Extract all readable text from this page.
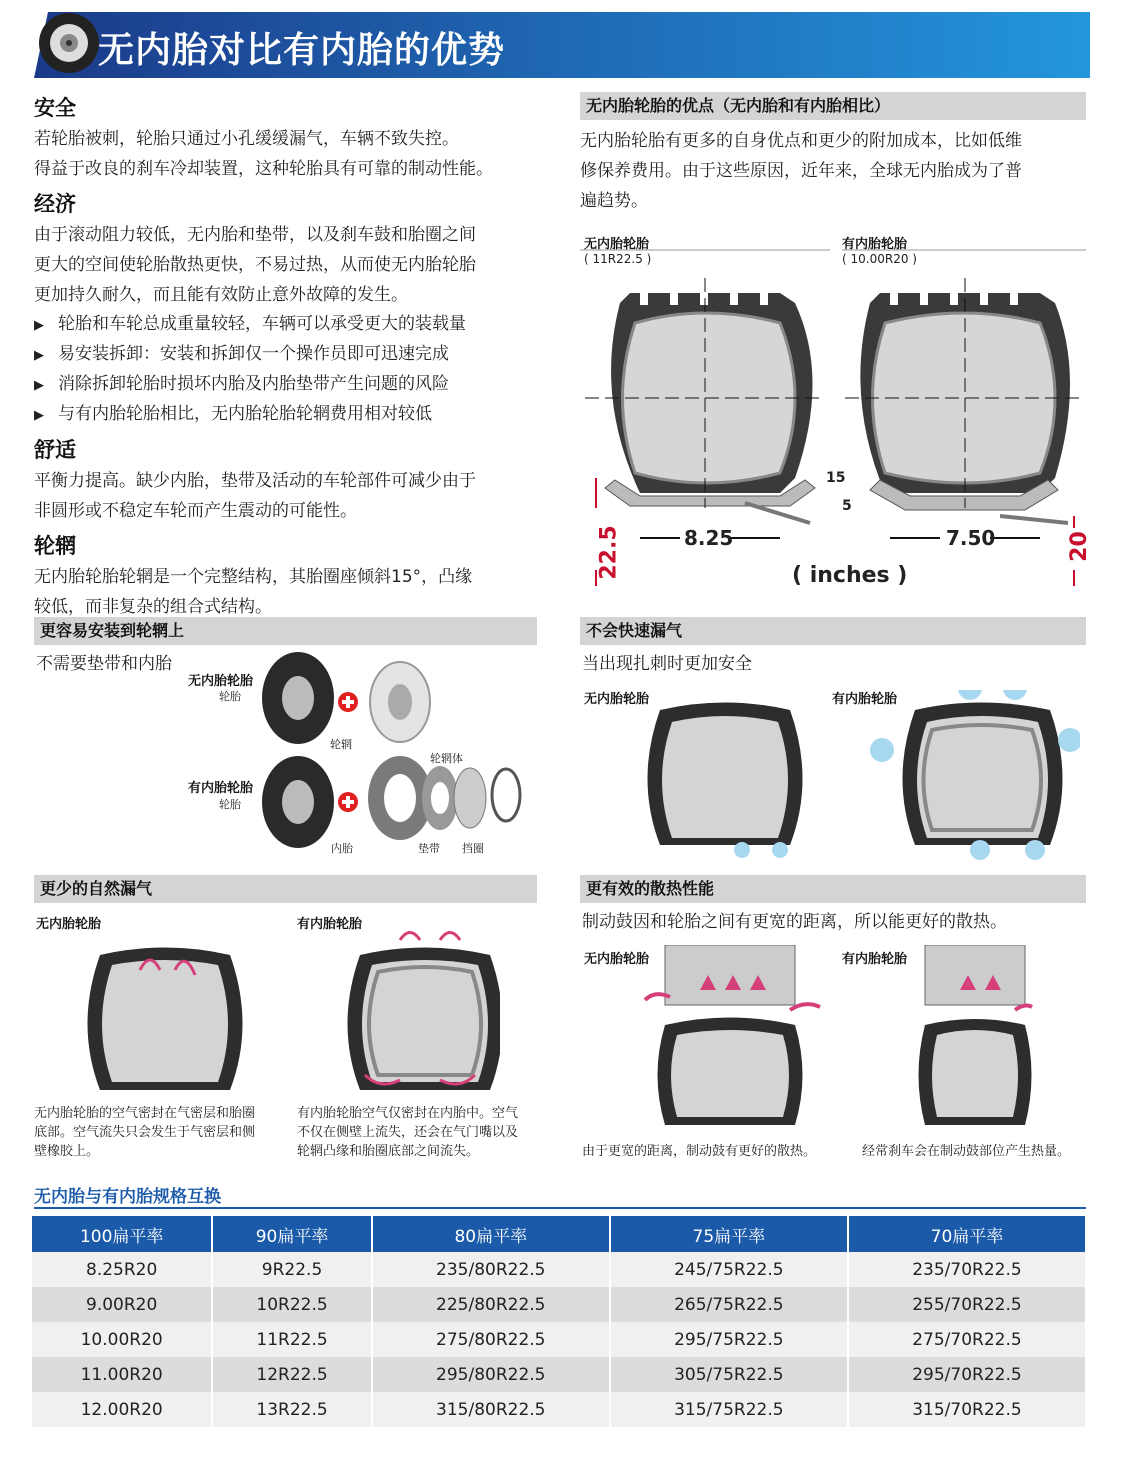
无内胎对比有内胎的优势
安全

若轮胎被刺，轮胎只通过小孔缓缓漏气，车辆不致失控。

得益于改良的刹车冷却装置，这种轮胎具有可靠的制动性能。

经济

由于滚动阻力较低，无内胎和垫带，以及刹车鼓和胎圈之间

更大的空间使轮胎散热更快，不易过热，从而使无内胎轮胎

更加持久耐久，而且能有效防止意外故障的发生。

▶ 轮胎和车轮总成重量较轻，车辆可以承受更大的装载量
▶ 易安装拆卸：安装和拆卸仅一个操作员即可迅速完成
▶ 消除拆卸轮胎时损坏内胎及内胎垫带产生问题的风险
▶ 与有内胎轮胎相比，无内胎轮胎轮辋费用相对较低
舒适

平衡力提高。缺少内胎，垫带及活动的车轮部件可减少由于

非圆形或不稳定车轮而产生震动的可能性。

轮辋

无内胎轮胎轮辋是一个完整结构，其胎圈座倾斜15°，凸缘

较低，而非复杂的组合式结构。

无内胎轮胎的优点（无内胎和有内胎相比）

无内胎轮胎有更多的自身优点和更少的附加成本，比如低维

修保养费用。由于这些原因，近年来，全球无内胎成为了普

遍趋势。

无内胎轮胎
( 11R22.5 )
有内胎轮胎
( 10.00R20 )
8.25	7.50
15
5
22.5	20
( inches )
更容易安装到轮辋上
不需要垫带和内胎
无内胎轮胎
轮胎
轮辋
有内胎轮胎
轮胎
内胎	垫带
轮辋体
挡圈
不会快速漏气
当出现扎刺时更加安全
无内胎轮胎	有内胎轮胎
更少的自然漏气
无内胎轮胎	有内胎轮胎
无内胎轮胎的空气密封在气密层和胎圈
底部。空气流失只会发生于气密层和侧
壁橡胶上。
有内胎轮胎空气仅密封在内胎中。空气
不仅在侧壁上流失，还会在气门嘴以及
轮辋凸缘和胎圈底部之间流失。
更有效的散热性能
制动鼓因和轮胎之间有更宽的距离，所以能更好的散热。
无内胎轮胎	有内胎轮胎
由于更宽的距离，制动鼓有更好的散热。	经常刹车会在制动鼓部位产生热量。
无内胎与有内胎规格互换
100扁平率	90扁平率	80扁平率	75扁平率	70扁平率
8.25R20	9R22.5	235/80R22.5	245/75R22.5	235/70R22.5
9.00R20	10R22.5	225/80R22.5	265/75R22.5	255/70R22.5
10.00R20	11R22.5	275/80R22.5	295/75R22.5	275/70R22.5
11.00R20	12R22.5	295/80R22.5	305/75R22.5	295/70R22.5
12.00R20	13R22.5	315/80R22.5	315/75R22.5	315/70R22.5
